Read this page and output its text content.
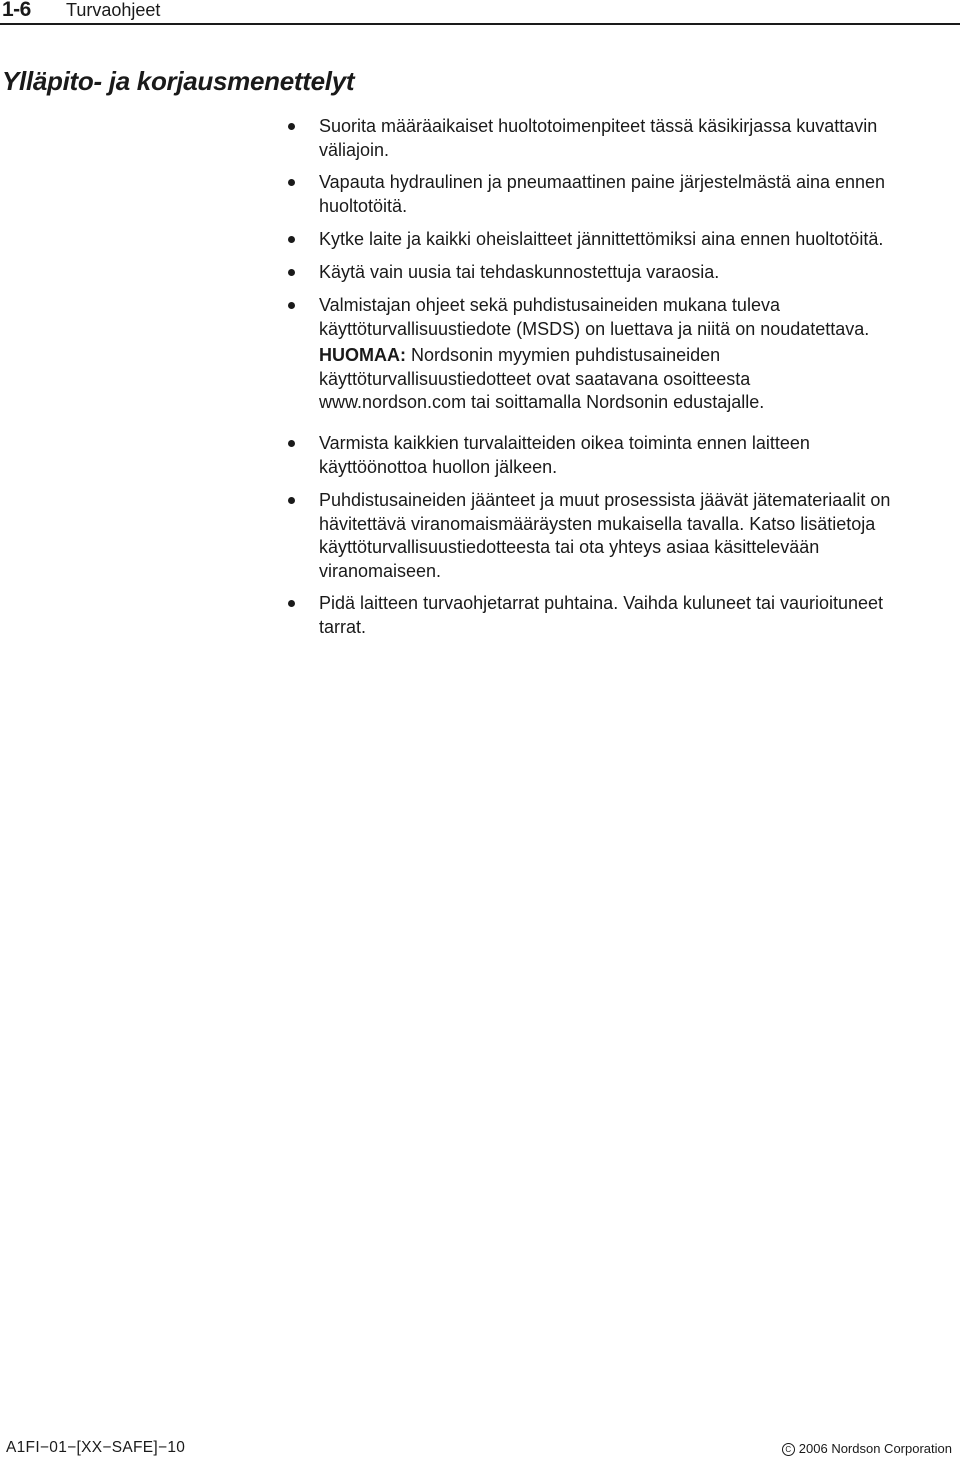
1-6 Turvaohjeet
Ylläpito- ja korjausmenettelyt
Suorita määräaikaiset huoltotoimenpiteet tässä käsikirjassa kuvattavin
väliajoin.
Vapauta hydraulinen ja pneumaattinen paine järjestelmästä aina ennen
huoltotöitä.
Kytke laite ja kaikki oheislaitteet jännittettömiksi aina ennen huoltotöitä.
Käytä vain uusia tai tehdaskunnostettuja varaosia.
Valmistajan ohjeet sekä puhdistusaineiden mukana tuleva
käyttöturvallisuustiedote (MSDS) on luettava ja niitä on noudatettava.
HUOMAA: Nordsonin myymien puhdistusaineiden
käyttöturvallisuustiedotteet ovat saatavana osoitteesta
www.nordson.com tai soittamalla Nordsonin edustajalle.
Varmista kaikkien turvalaitteiden oikea toiminta ennen laitteen
käyttöönottoa huollon jälkeen.
Puhdistusaineiden jäänteet ja muut prosessista jäävät jätemateriaalit on
hävitettävä viranomaismääräysten mukaisella tavalla. Katso lisätietoja
käyttöturvallisuustiedotteesta tai ota yhteys asiaa käsittelevään
viranomaiseen.
Pidä laitteen turvaohjetarrat puhtaina. Vaihda kuluneet tai vaurioituneet
tarrat.
A1FI−01−[XX−SAFE]−10	C 2006 Nordson Corporation
